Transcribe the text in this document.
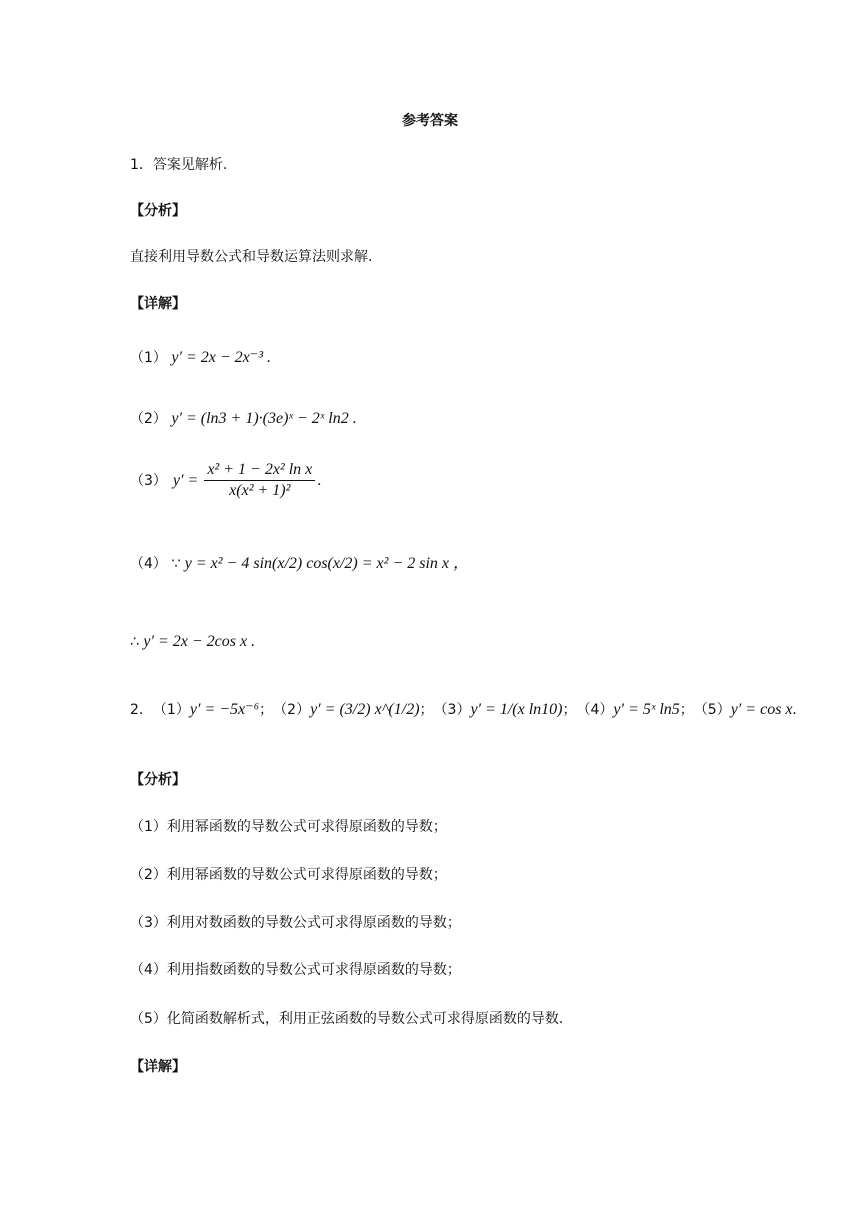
参考答案
1．答案见解析.
【分析】
直接利用导数公式和导数运算法则求解.
【详解】
（1） y′ = 2x − 2x⁻³ .
（2） y′ = (ln3 + 1)·(3e)ˣ − 2ˣ ln2 .
（3） $y' = \frac{\text{x² + 1 − 2x² ln x}}{\text{x(x² + 1)²}}$ .
（4） ∵ y = x² − 4 sin(x/2) cos(x/2) = x² − 2 sin x ，
∴ y′ = 2x − 2cos x .
2． （1） y′ = −5x⁻⁶ ； （2） y′ = (3/2) x^(1/2) ； （3） y′ = 1/(x ln10) ； （4） y′ = 5ˣ ln5 ； （5） y′ = cos x .
【分析】
（1）利用幂函数的导数公式可求得原函数的导数；
（2）利用幂函数的导数公式可求得原函数的导数；
（3）利用对数函数的导数公式可求得原函数的导数；
（4）利用指数函数的导数公式可求得原函数的导数；
（5）化简函数解析式，利用正弦函数的导数公式可求得原函数的导数.
【详解】
